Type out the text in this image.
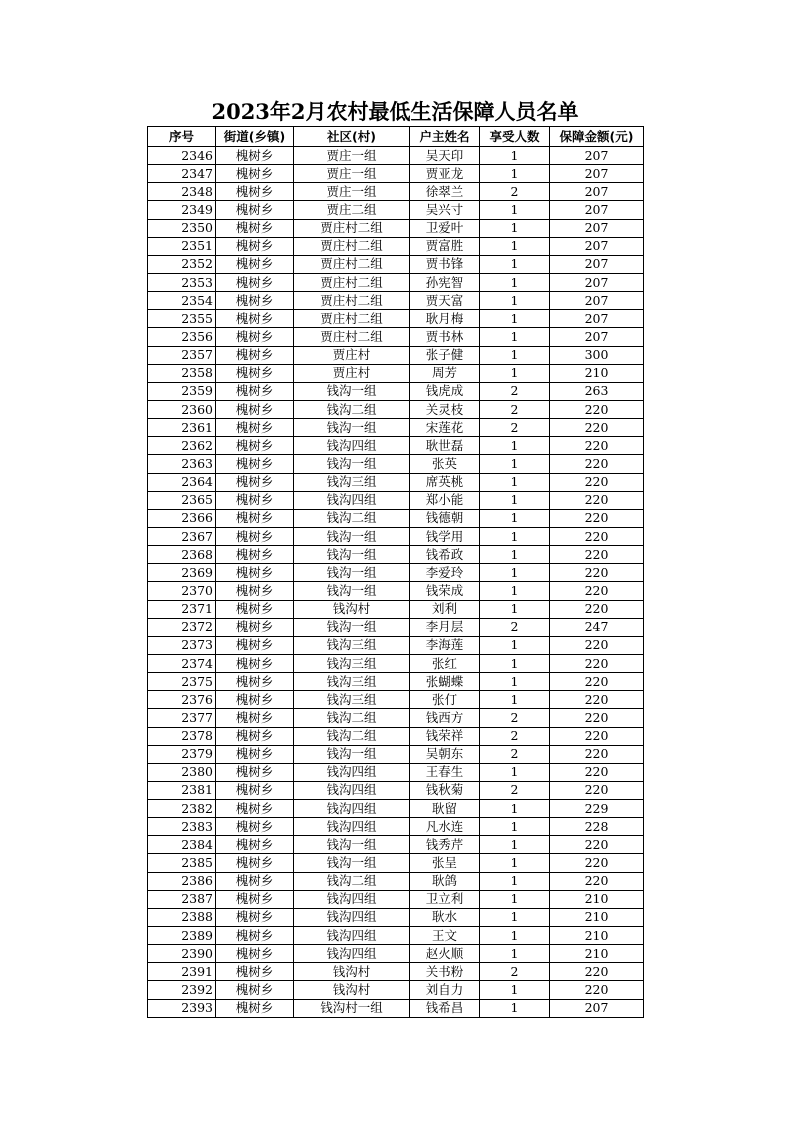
2023年2月农村最低生活保障人员名单
序号	街道(乡镇)	社区(村)	户主姓名	享受人数	保障金额(元)
2346	槐树乡	贾庄一组	吴天印	1	207
2347	槐树乡	贾庄一组	贾亚龙	1	207
2348	槐树乡	贾庄一组	徐翠兰	2	207
2349	槐树乡	贾庄二组	吴兴寸	1	207
2350	槐树乡	贾庄村二组	卫爱叶	1	207
2351	槐树乡	贾庄村二组	贾富胜	1	207
2352	槐树乡	贾庄村二组	贾书锋	1	207
2353	槐树乡	贾庄村二组	孙宪智	1	207
2354	槐树乡	贾庄村二组	贾天富	1	207
2355	槐树乡	贾庄村二组	耿月梅	1	207
2356	槐树乡	贾庄村二组	贾书林	1	207
2357	槐树乡	贾庄村	张子健	1	300
2358	槐树乡	贾庄村	周芳	1	210
2359	槐树乡	钱沟一组	钱虎成	2	263
2360	槐树乡	钱沟二组	关灵枝	2	220
2361	槐树乡	钱沟一组	宋莲花	2	220
2362	槐树乡	钱沟四组	耿世磊	1	220
2363	槐树乡	钱沟一组	张英	1	220
2364	槐树乡	钱沟三组	席英桃	1	220
2365	槐树乡	钱沟四组	郑小能	1	220
2366	槐树乡	钱沟二组	钱德朝	1	220
2367	槐树乡	钱沟一组	钱学用	1	220
2368	槐树乡	钱沟一组	钱希政	1	220
2369	槐树乡	钱沟一组	李爱玲	1	220
2370	槐树乡	钱沟一组	钱荣成	1	220
2371	槐树乡	钱沟村	刘利	1	220
2372	槐树乡	钱沟一组	李月层	2	247
2373	槐树乡	钱沟三组	李海莲	1	220
2374	槐树乡	钱沟三组	张红	1	220
2375	槐树乡	钱沟三组	张蝴蝶	1	220
2376	槐树乡	钱沟三组	张仃	1	220
2377	槐树乡	钱沟二组	钱西方	2	220
2378	槐树乡	钱沟二组	钱荣祥	2	220
2379	槐树乡	钱沟一组	吴朝东	2	220
2380	槐树乡	钱沟四组	王春生	1	220
2381	槐树乡	钱沟四组	钱秋菊	2	220
2382	槐树乡	钱沟四组	耿留	1	229
2383	槐树乡	钱沟四组	凡水连	1	228
2384	槐树乡	钱沟一组	钱秀芹	1	220
2385	槐树乡	钱沟一组	张呈	1	220
2386	槐树乡	钱沟二组	耿鸽	1	220
2387	槐树乡	钱沟四组	卫立利	1	210
2388	槐树乡	钱沟四组	耿水	1	210
2389	槐树乡	钱沟四组	王文	1	210
2390	槐树乡	钱沟四组	赵火顺	1	210
2391	槐树乡	钱沟村	关书粉	2	220
2392	槐树乡	钱沟村	刘自力	1	220
2393	槐树乡	钱沟村一组	钱希昌	1	207
